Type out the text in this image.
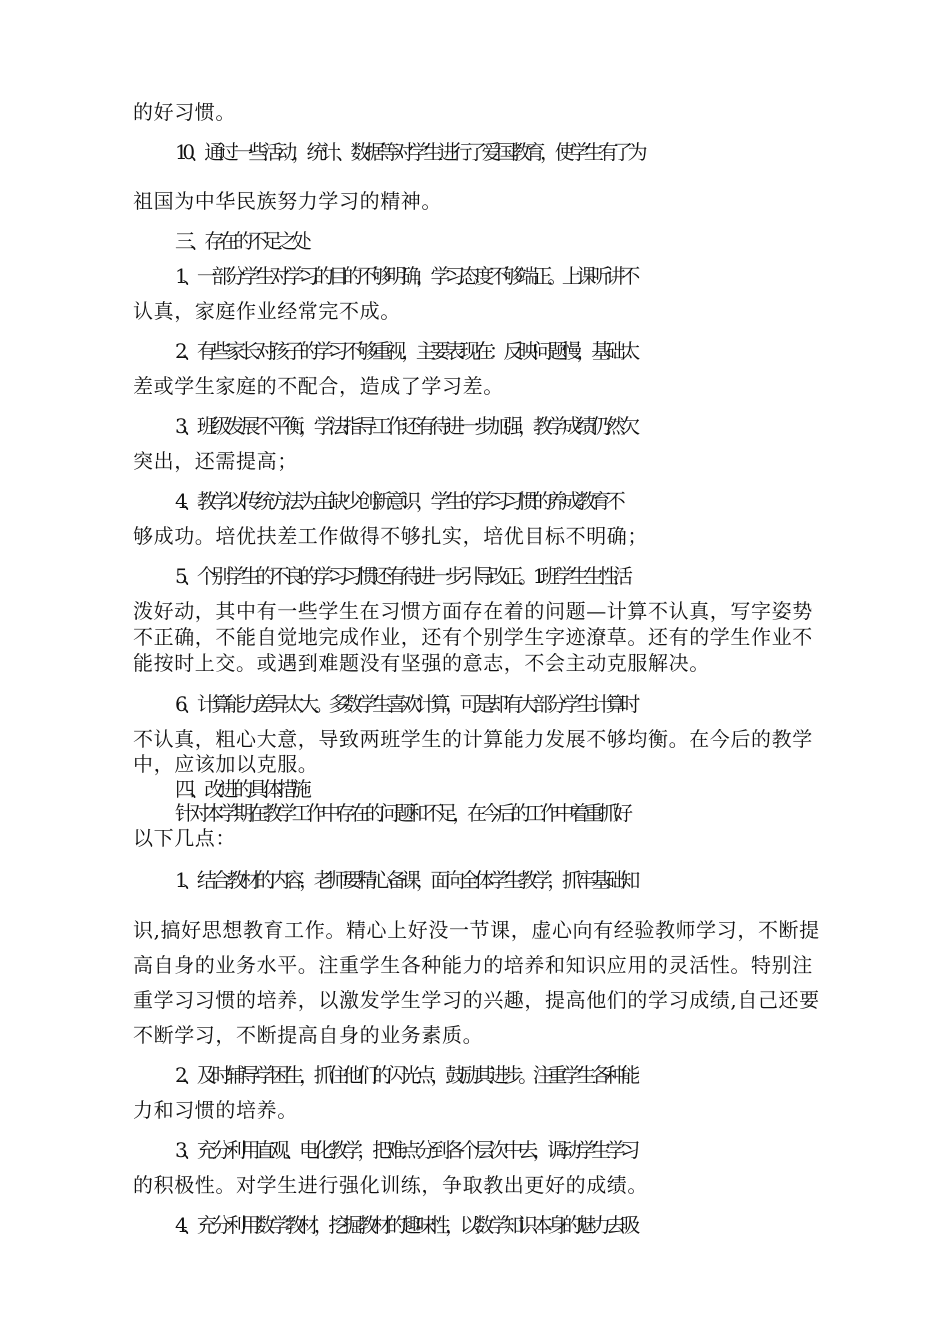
的好习惯。
10、通过一些活动，统计、数据等对学生进行了爱国教育，使学生有了为
祖国为中华民族努力学习的精神。
三、存在的不足之处
1、一部分学生对学习的目的不够明确，学习态度不够端正。上课听讲不
认真，家庭作业经常完不成。
2、有些家长对孩子的学习不够重视，主要表现在：反映问题慢，基础太
差或学生家庭的不配合，造成了学习差。
3、班级发展不平衡，学法指导工作还有待进一步加强，教学成绩仍然欠
突出，还需提高；
4、教学以传统方法为主缺少创新意识，学生的学习习惯的养成教育不
够成功。培优扶差工作做得不够扎实，培优目标不明确；
5、个别学生的不良的学习习惯还有待进一步引导改正。1班学生生性活
泼好动，其中有一些学生在习惯方面存在着的问题—计算不认真，写字姿势
不正确，不能自觉地完成作业，还有个别学生字迹潦草。还有的学生作业不
能按时上交。或遇到难题没有坚强的意志，不会主动克服解决。
6、计算能力差异太大。多数学生喜欢计算，可是却有大部分学生计算时
不认真，粗心大意，导致两班学生的计算能力发展不够均衡。在今后的教学
中，应该加以克服。
四、改进的具体措施
针对本学期在教学工作中存在的问题和不足，在今后的工作中着重抓好
以下几点：
1、结合教材的内容，老师要精心备课，面向全体学生教学，抓牢基础知
识,搞好思想教育工作。精心上好没一节课，虚心向有经验教师学习，不断提
高自身的业务水平。注重学生各种能力的培养和知识应用的灵活性。特别注
重学习习惯的培养，以激发学生学习的兴趣，提高他们的学习成绩,自己还要
不断学习，不断提高自身的业务素质。
2、及时辅导学困生，抓住他们的闪光点，鼓励其进步。注重学生各种能
力和习惯的培养。
3、充分利用直观、电化教学，把难点分到各个层次中去，调动学生学习
的积极性。对学生进行强化训练，争取教出更好的成绩。
4、充分利用数学教材，挖掘教材的趣味性，以数学知识本身的魅力去吸
